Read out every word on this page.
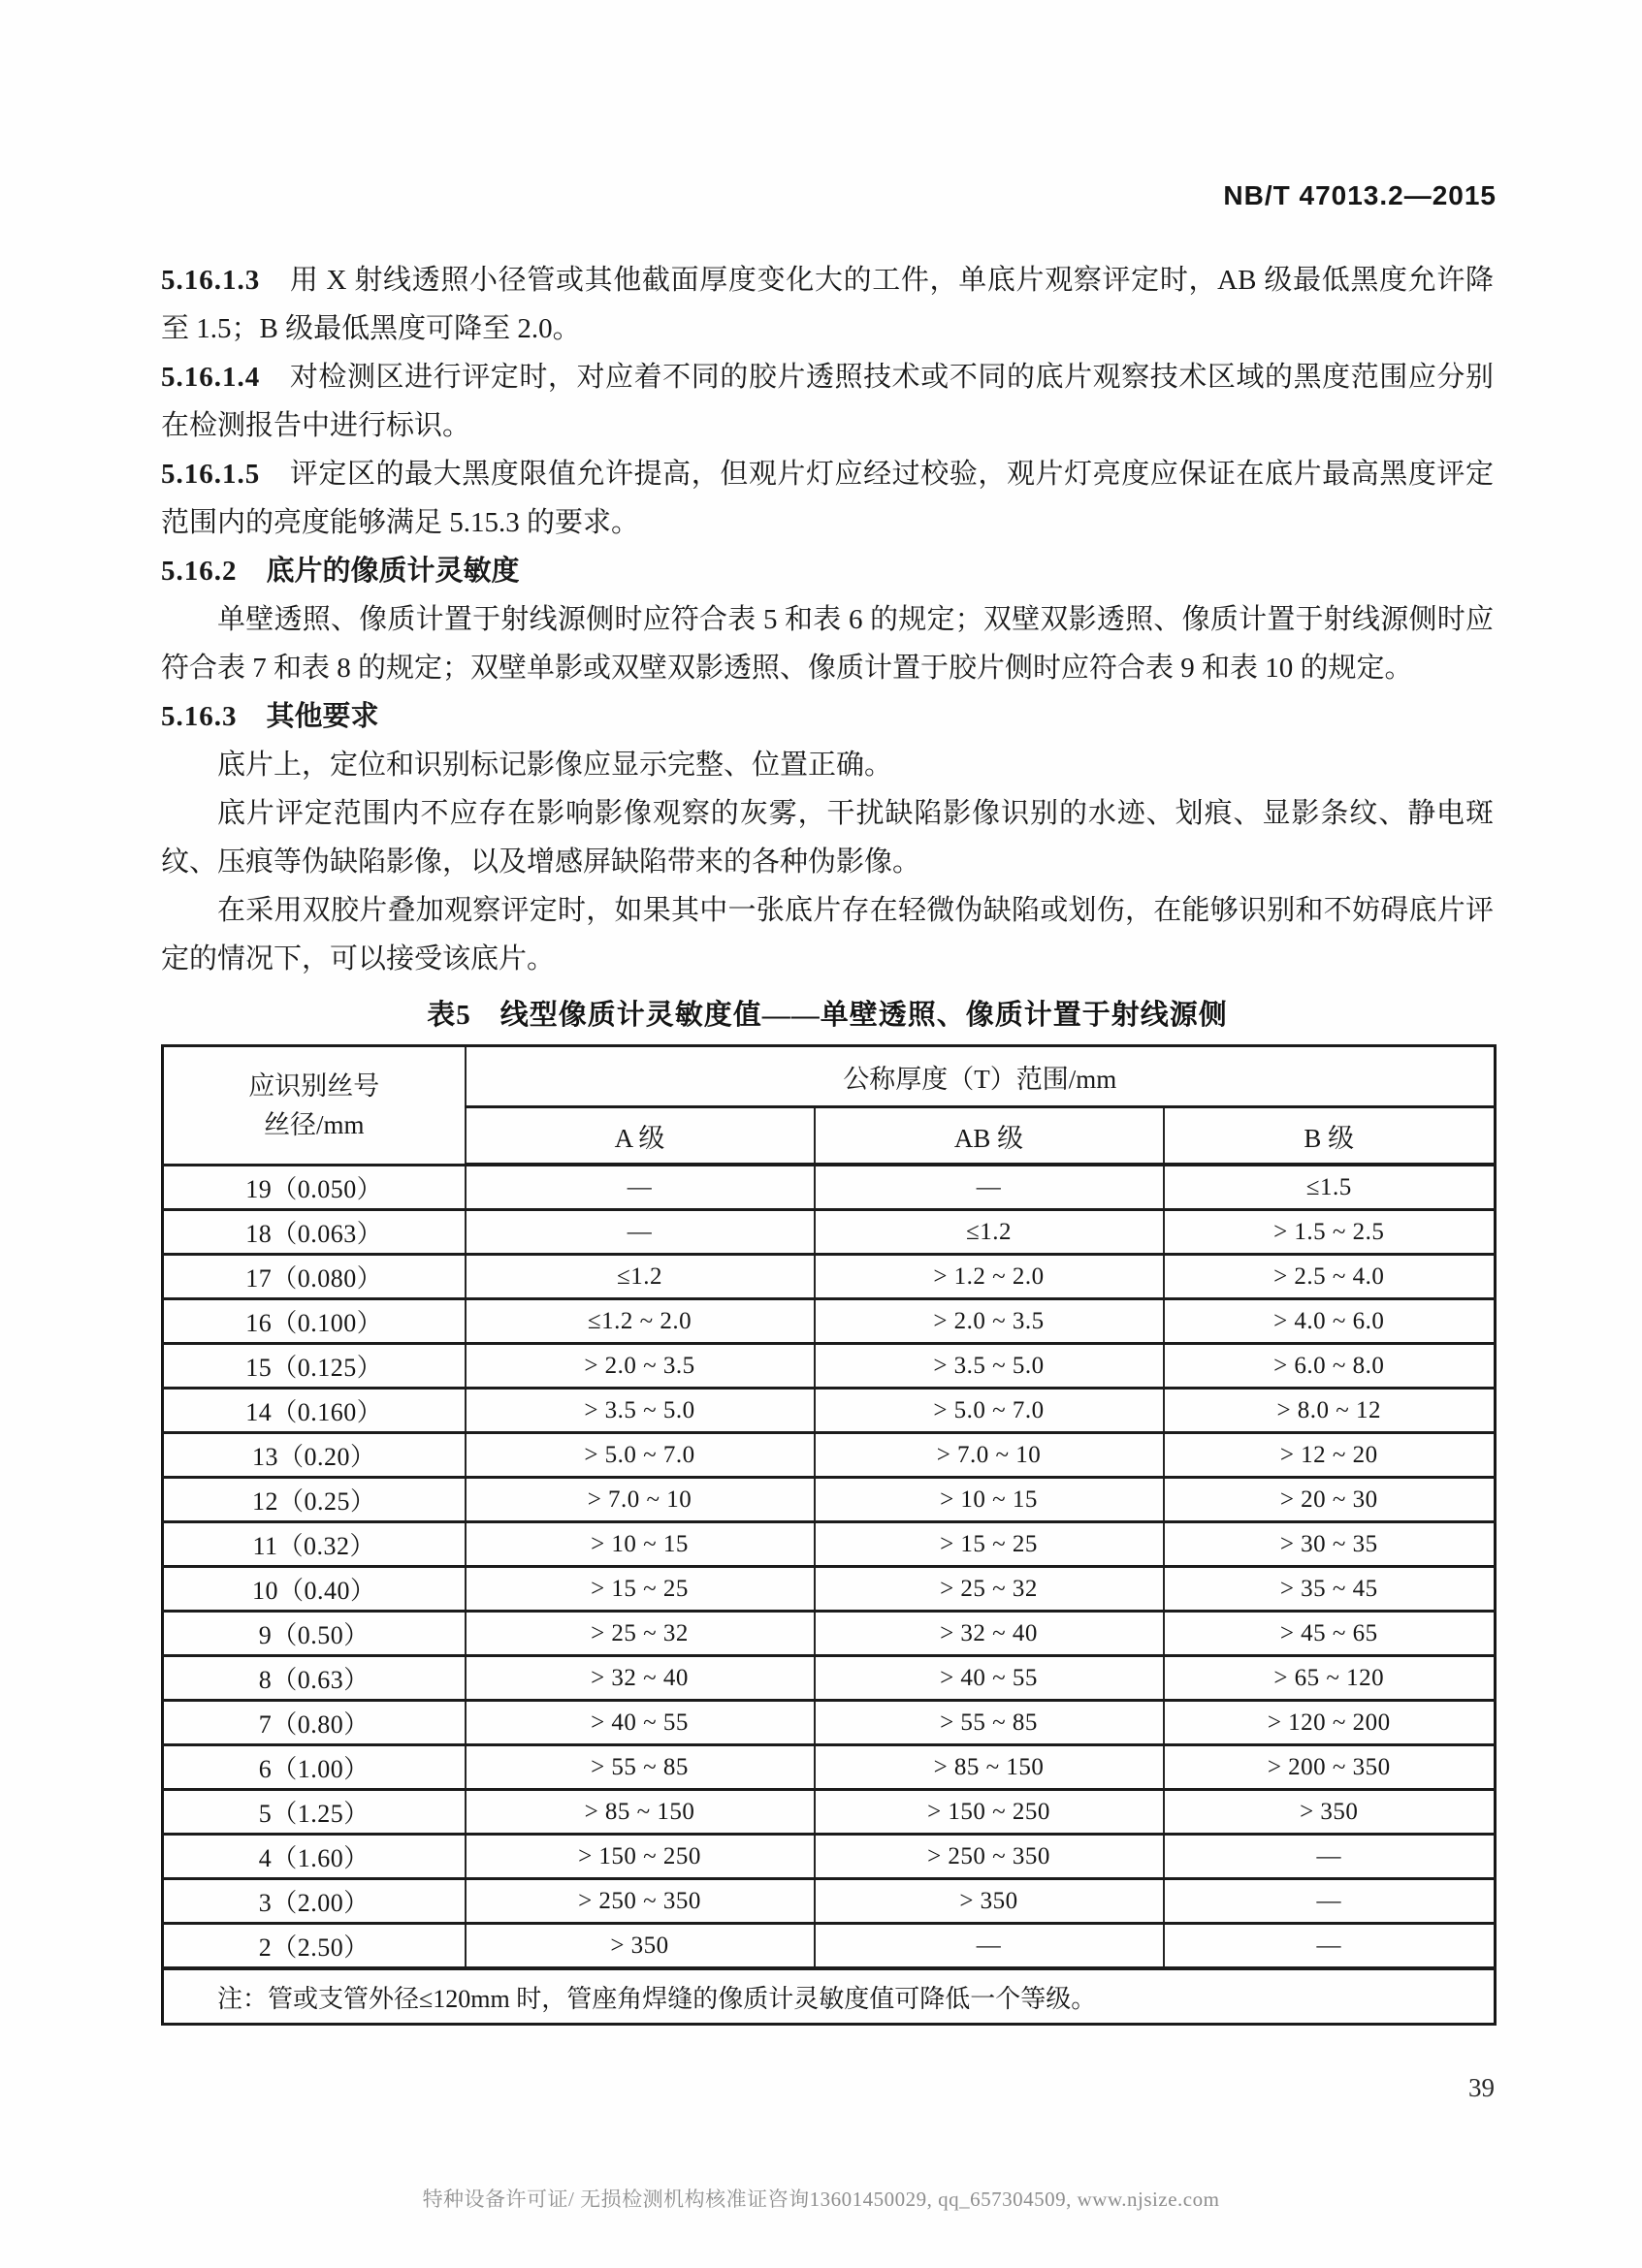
NB/T 47013.2—2015

5.16.1.3 用 X 射线透照小径管或其他截面厚度变化大的工件，单底片观察评定时，AB 级最低黑度允许降至 1.5；B 级最低黑度可降至 2.0。

5.16.1.4 对检测区进行评定时，对应着不同的胶片透照技术或不同的底片观察技术区域的黑度范围应分别在检测报告中进行标识。

5.16.1.5 评定区的最大黑度限值允许提高，但观片灯应经过校验，观片灯亮度应保证在底片最高黑度评定范围内的亮度能够满足 5.15.3 的要求。

5.16.2 底片的像质计灵敏度

单壁透照、像质计置于射线源侧时应符合表 5 和表 6 的规定；双壁双影透照、像质计置于射线源侧时应符合表 7 和表 8 的规定；双壁单影或双壁双影透照、像质计置于胶片侧时应符合表 9 和表 10 的规定。

5.16.3 其他要求

底片上，定位和识别标记影像应显示完整、位置正确。

底片评定范围内不应存在影响影像观察的灰雾，干扰缺陷影像识别的水迹、划痕、显影条纹、静电斑纹、压痕等伪缺陷影像，以及增感屏缺陷带来的各种伪影像。

在采用双胶片叠加观察评定时，如果其中一张底片存在轻微伪缺陷或划伤，在能够识别和不妨碍底片评定的情况下，可以接受该底片。

表5　线型像质计灵敏度值——单壁透照、像质计置于射线源侧
应识别丝号
丝径/mm	公称厚度（T）范围/mm		
	A 级	AB 级	B 级
19（0.050）	—	—	≤1.5
18（0.063）	—	≤1.2	> 1.5 ~ 2.5
17（0.080）	≤1.2	> 1.2 ~ 2.0	> 2.5 ~ 4.0
16（0.100）	≤1.2 ~ 2.0	> 2.0 ~ 3.5	> 4.0 ~ 6.0
15（0.125）	> 2.0 ~ 3.5	> 3.5 ~ 5.0	> 6.0 ~ 8.0
14（0.160）	> 3.5 ~ 5.0	> 5.0 ~ 7.0	> 8.0 ~ 12
13（0.20）	> 5.0 ~ 7.0	> 7.0 ~ 10	> 12 ~ 20
12（0.25）	> 7.0 ~ 10	> 10 ~ 15	> 20 ~ 30
11（0.32）	> 10 ~ 15	> 15 ~ 25	> 30 ~ 35
10（0.40）	> 15 ~ 25	> 25 ~ 32	> 35 ~ 45
9（0.50）	> 25 ~ 32	> 32 ~ 40	> 45 ~ 65
8（0.63）	> 32 ~ 40	> 40 ~ 55	> 65 ~ 120
7（0.80）	> 40 ~ 55	> 55 ~ 85	> 120 ~ 200
6（1.00）	> 55 ~ 85	> 85 ~ 150	> 200 ~ 350
5（1.25）	> 85 ~ 150	> 150 ~ 250	> 350
4（1.60）	> 150 ~ 250	> 250 ~ 350	—
3（2.00）	> 250 ~ 350	> 350	—
2（2.50）	> 350	—	—
注：管或支管外径≤120mm 时，管座角焊缝的像质计灵敏度值可降低一个等级。			
39
特种设备许可证/ 无损检测机构核准证咨询13601450029, qq_657304509, www.njsize.com
